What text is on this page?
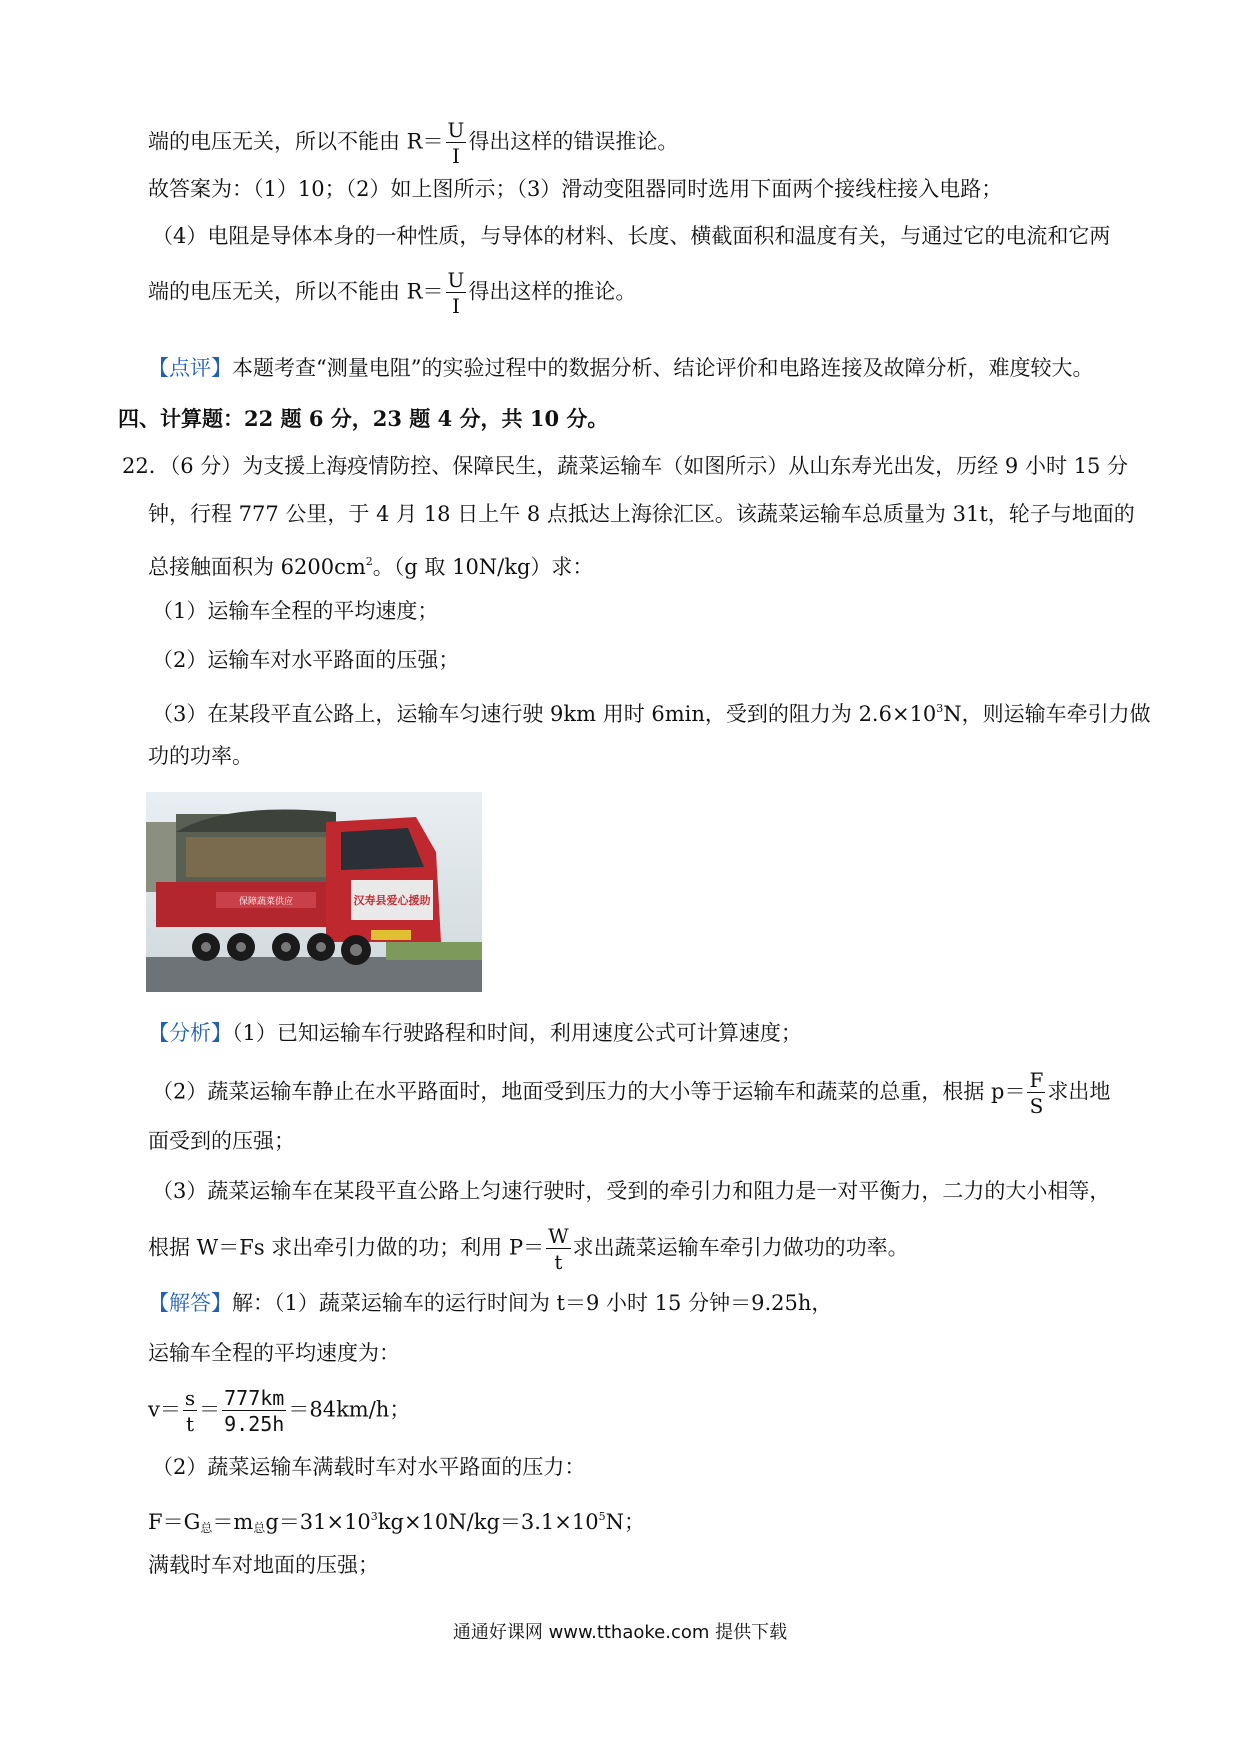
端的电压无关，所以不能由 $R= \frac{U}{I}$ 得出这样的错误推论。
故答案为：（1）10；（2）如上图所示；（3）滑动变阻器同时选用下面两个接线柱接入电路；
（4）电阻是导体本身的一种性质，与导体的材料、长度、横截面积和温度有关，与通过它的电流和它两
端的电压无关，所以不能由 $R= \frac{U}{I}$ 得出这样的推论。
【点评】本题考查“测量电阻”的实验过程中的数据分析、结论评价和电路连接及故障分析，难度较大。
四、计算题：22 题 6 分，23 题 4 分，共 10 分。
22．（6 分）为支援上海疫情防控、保障民生，蔬菜运输车（如图所示）从山东寿光出发，历经 9 小时 15 分
钟，行程 777 公里，于 4 月 18 日上午 8 点抵达上海徐汇区。该蔬菜运输车总质量为 31t，轮子与地面的
总接触面积为 $6200cm^2$。（g 取 10N/kg）求：
（1）运输车全程的平均速度；
（2）运输车对水平路面的压强；
（3）在某段平直公路上，运输车匀速行驶 9km 用时 6min，受到的阻力为 $2.6\times 10^3N$，则运输车牵引力做
功的功率。
保障蔬菜供应	汉寿县爱心援助
【分析】（1）已知运输车行驶路程和时间，利用速度公式可计算速度；
（2）蔬菜运输车静止在水平路面时，地面受到压力的大小等于运输车和蔬菜的总重，根据 $p= \frac{F}{S}$ 求出地
面受到的压强；
（3）蔬菜运输车在某段平直公路上匀速行驶时，受到的牵引力和阻力是一对平衡力，二力的大小相等，
根据 W＝Fs 求出牵引力做的功；利用 $P= \frac{W}{t}$ 求出蔬菜运输车牵引力做功的功率。
【解答】解：（1）蔬菜运输车的运行时间为 t＝9 小时 15 分钟＝9.25h，
运输车全程的平均速度为：
$v= \frac{s}{t} = \frac{777km}{9.25h} =84km/h$；
（2）蔬菜运输车满载时车对水平路面的压力：
$F=G_总=m_总g=31\times 10^3kg\times 10N/kg=3.1\times 10^5N$；
满载时车对地面的压强；
通通好课网 www.tthaoke.com 提供下载
